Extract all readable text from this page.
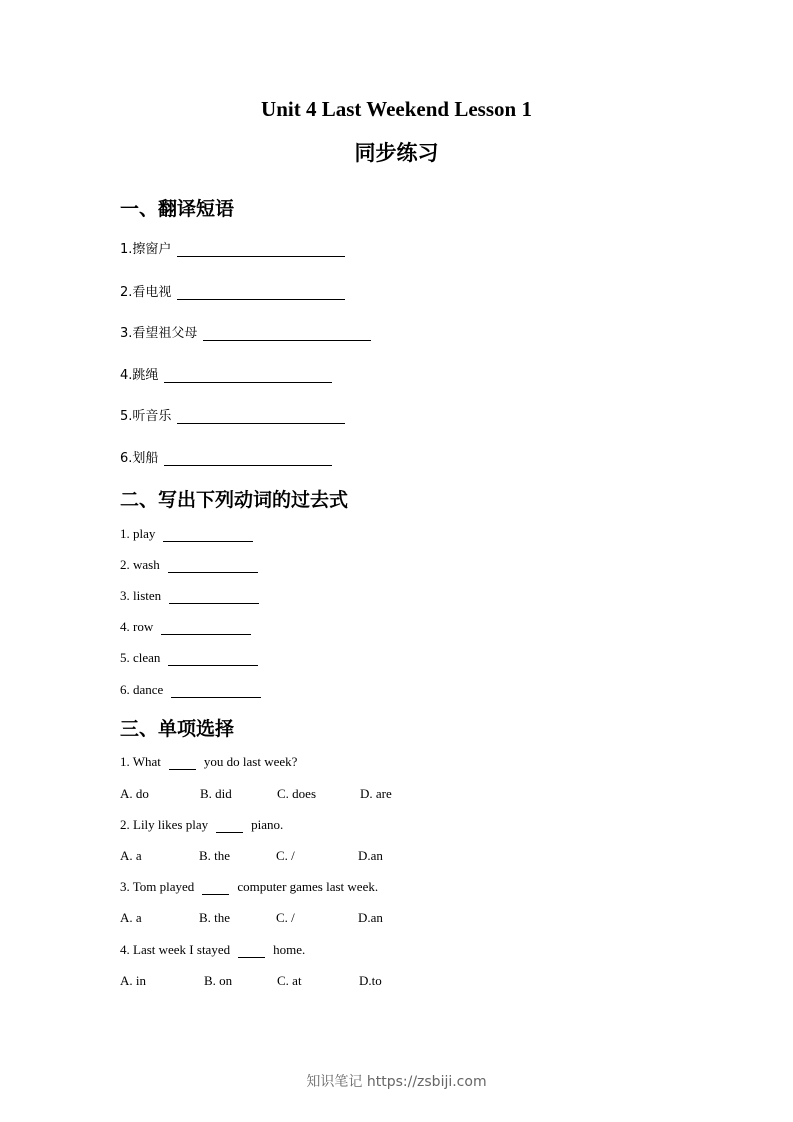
Unit 4 Last Weekend Lesson 1
同步练习
一、翻译短语
1.擦窗户
2.看电视
3.看望祖父母
4.跳绳
5.听音乐
6.划船
二、写出下列动词的过去式
1. play
2. wash
3. listen
4. row
5. clean
6. dance
三、单项选择
1. What	you do last week?
A. do	B. did	C. does	D. are
2. Lily likes play	piano.
A. a	B. the	C. /	D.an
3. Tom played	computer games last week.
A. a	B. the	C. /	D.an
4. Last week I stayed	home.
A. in	B. on	C. at	D.to
知识笔记 https://zsbiji.com
